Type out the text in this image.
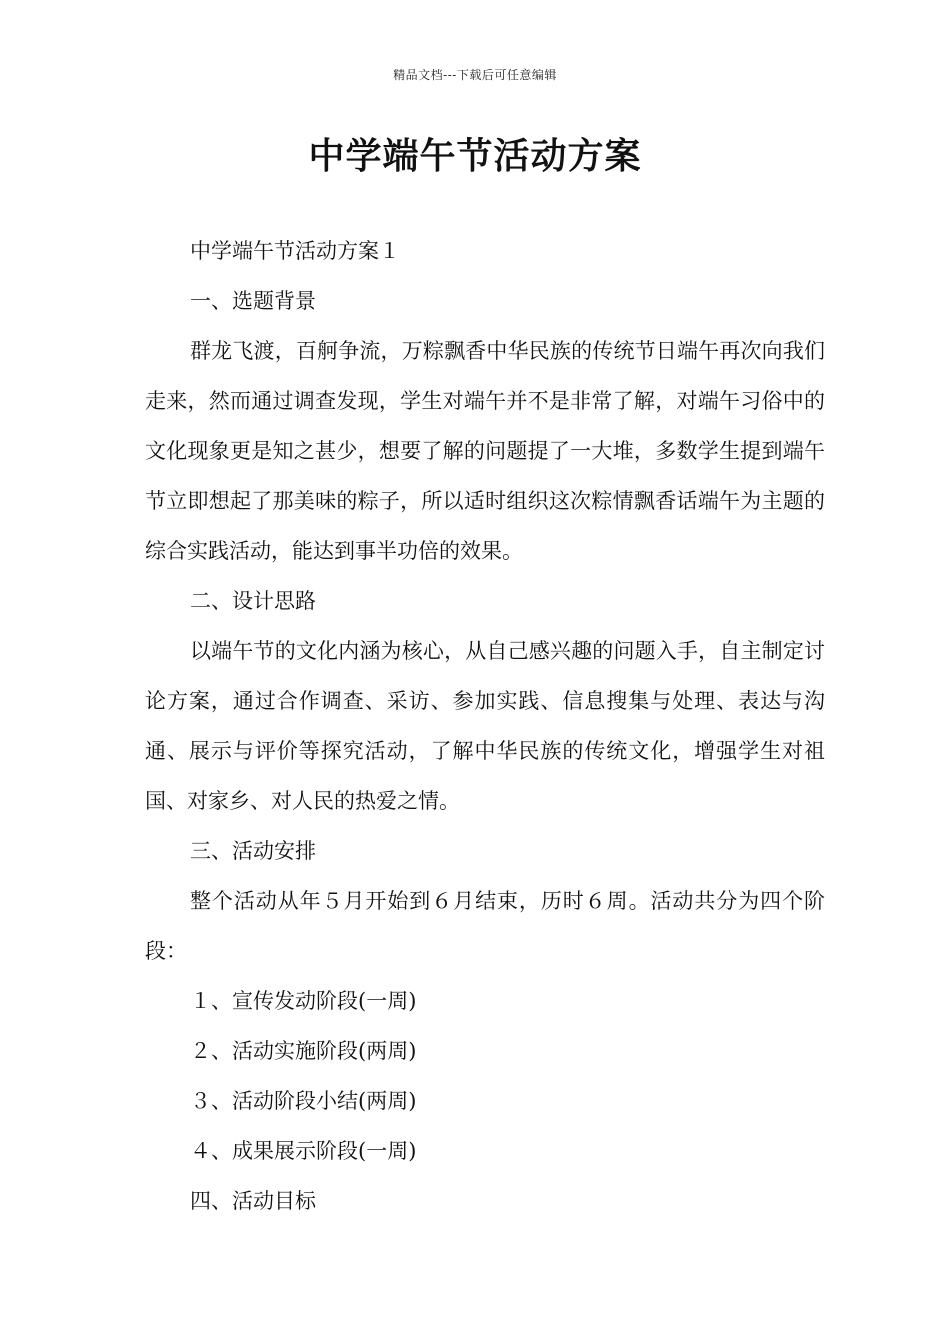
精品文档---下载后可任意编辑
中学端午节活动方案

中学端午节活动方案１

一、选题背景

群龙飞渡，百舸争流，万粽飘香中华民族的传统节日端午再次向我们走来，然而通过调查发现，学生对端午并不是非常了解，对端午习俗中的文化现象更是知之甚少，想要了解的问题提了一大堆，多数学生提到端午节立即想起了那美味的粽子，所以适时组织这次粽情飘香话端午为主题的综合实践活动，能达到事半功倍的效果。

二、设计思路

以端午节的文化内涵为核心，从自己感兴趣的问题入手，自主制定讨论方案，通过合作调查、采访、参加实践、信息搜集与处理、表达与沟通、展示与评价等探究活动，了解中华民族的传统文化，增强学生对祖国、对家乡、对人民的热爱之情。

三、活动安排

整个活动从年５月开始到６月结束，历时６周。活动共分为四个阶段：

１、宣传发动阶段(一周)

２、活动实施阶段(两周)

３、活动阶段小结(两周)

４、成果展示阶段(一周)

四、活动目标
